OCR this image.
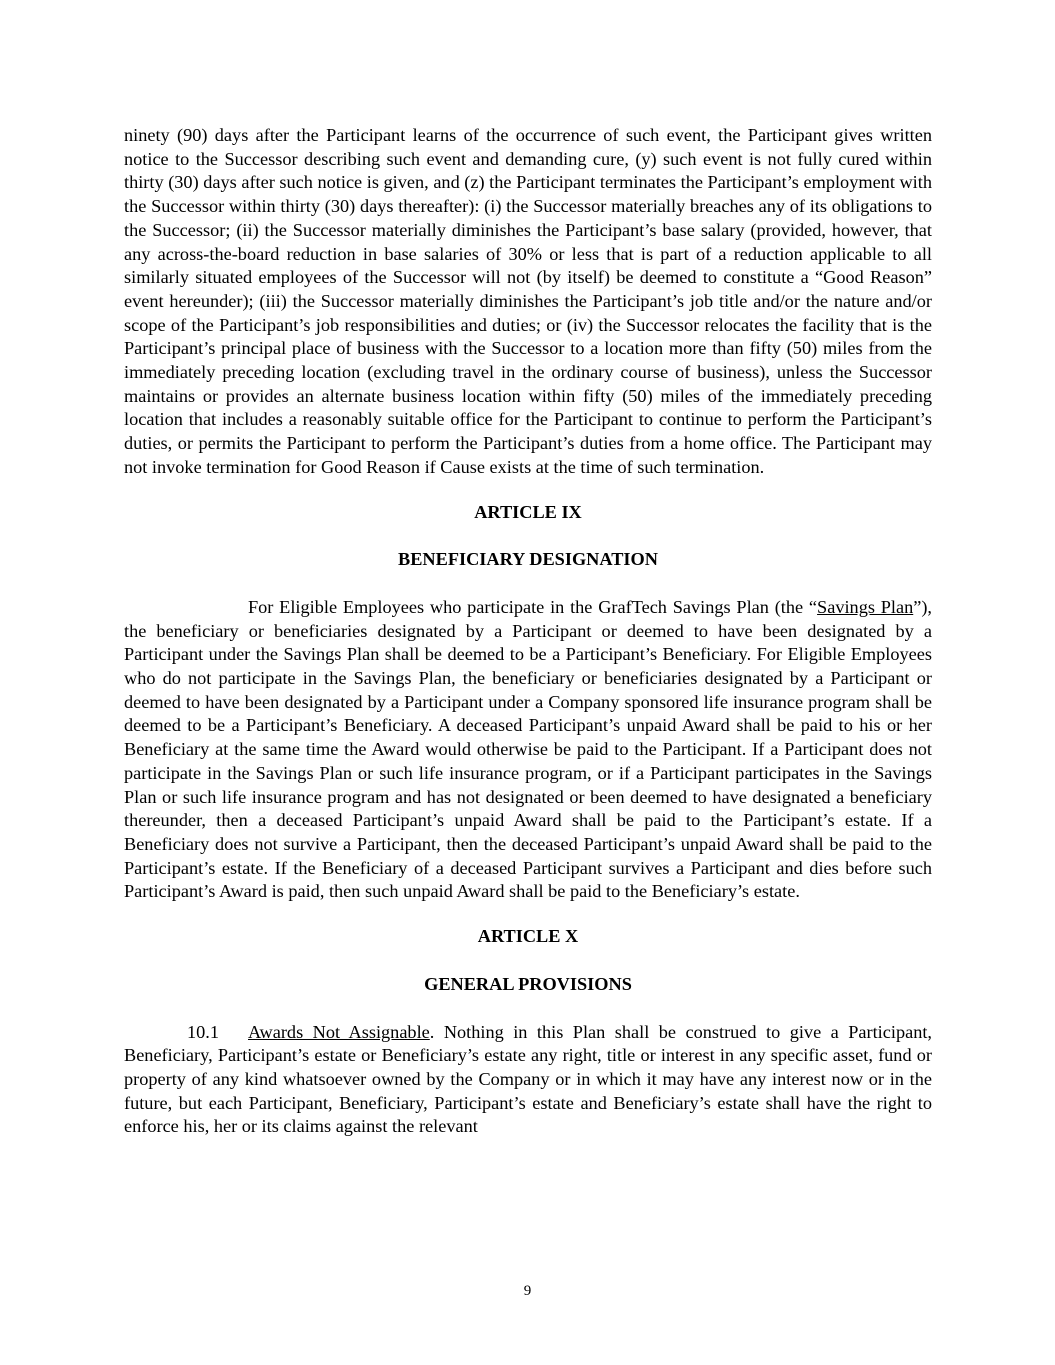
ninety (90) days after the Participant learns of the occurrence of such event, the Participant gives written notice to the Successor describing such event and demanding cure, (y) such event is not fully cured within thirty (30) days after such notice is given, and (z) the Participant terminates the Participant’s employment with the Successor within thirty (30) days thereafter): (i) the Successor materially breaches any of its obligations to the Successor; (ii) the Successor materially diminishes the Participant’s base salary (provided, however, that any across-the-board reduction in base salaries of 30% or less that is part of a reduction applicable to all similarly situated employees of the Successor will not (by itself) be deemed to constitute a “Good Reason” event hereunder); (iii) the Successor materially diminishes the Participant’s job title and/or the nature and/or scope of the Participant’s job responsibilities and duties; or (iv) the Successor relocates the facility that is the Participant’s principal place of business with the Successor to a location more than fifty (50) miles from the immediately preceding location (excluding travel in the ordinary course of business), unless the Successor maintains or provides an alternate business location within fifty (50) miles of the immediately preceding location that includes a reasonably suitable office for the Participant to continue to perform the Participant’s duties, or permits the Participant to perform the Participant’s duties from a home office. The Participant may not invoke termination for Good Reason if Cause exists at the time of such termination.

ARTICLE IX

BENEFICIARY DESIGNATION

For Eligible Employees who participate in the GrafTech Savings Plan (the “Savings Plan”), the beneficiary or beneficiaries designated by a Participant or deemed to have been designated by a Participant under the Savings Plan shall be deemed to be a Participant’s Beneficiary. For Eligible Employees who do not participate in the Savings Plan, the beneficiary or beneficiaries designated by a Participant or deemed to have been designated by a Participant under a Company sponsored life insurance program shall be deemed to be a Participant’s Beneficiary. A deceased Participant’s unpaid Award shall be paid to his or her Beneficiary at the same time the Award would otherwise be paid to the Participant. If a Participant does not participate in the Savings Plan or such life insurance program, or if a Participant participates in the Savings Plan or such life insurance program and has not designated or been deemed to have designated a beneficiary thereunder, then a deceased Participant’s unpaid Award shall be paid to the Participant’s estate. If a Beneficiary does not survive a Participant, then the deceased Participant’s unpaid Award shall be paid to the Participant’s estate. If the Beneficiary of a deceased Participant survives a Participant and dies before such Participant’s Award is paid, then such unpaid Award shall be paid to the Beneficiary’s estate.

ARTICLE X

GENERAL PROVISIONS

10.1 Awards Not Assignable. Nothing in this Plan shall be construed to give a Participant, Beneficiary, Participant’s estate or Beneficiary’s estate any right, title or interest in any specific asset, fund or property of any kind whatsoever owned by the Company or in which it may have any interest now or in the future, but each Participant, Beneficiary, Participant’s estate and Beneficiary’s estate shall have the right to enforce his, her or its claims against the relevant

9
